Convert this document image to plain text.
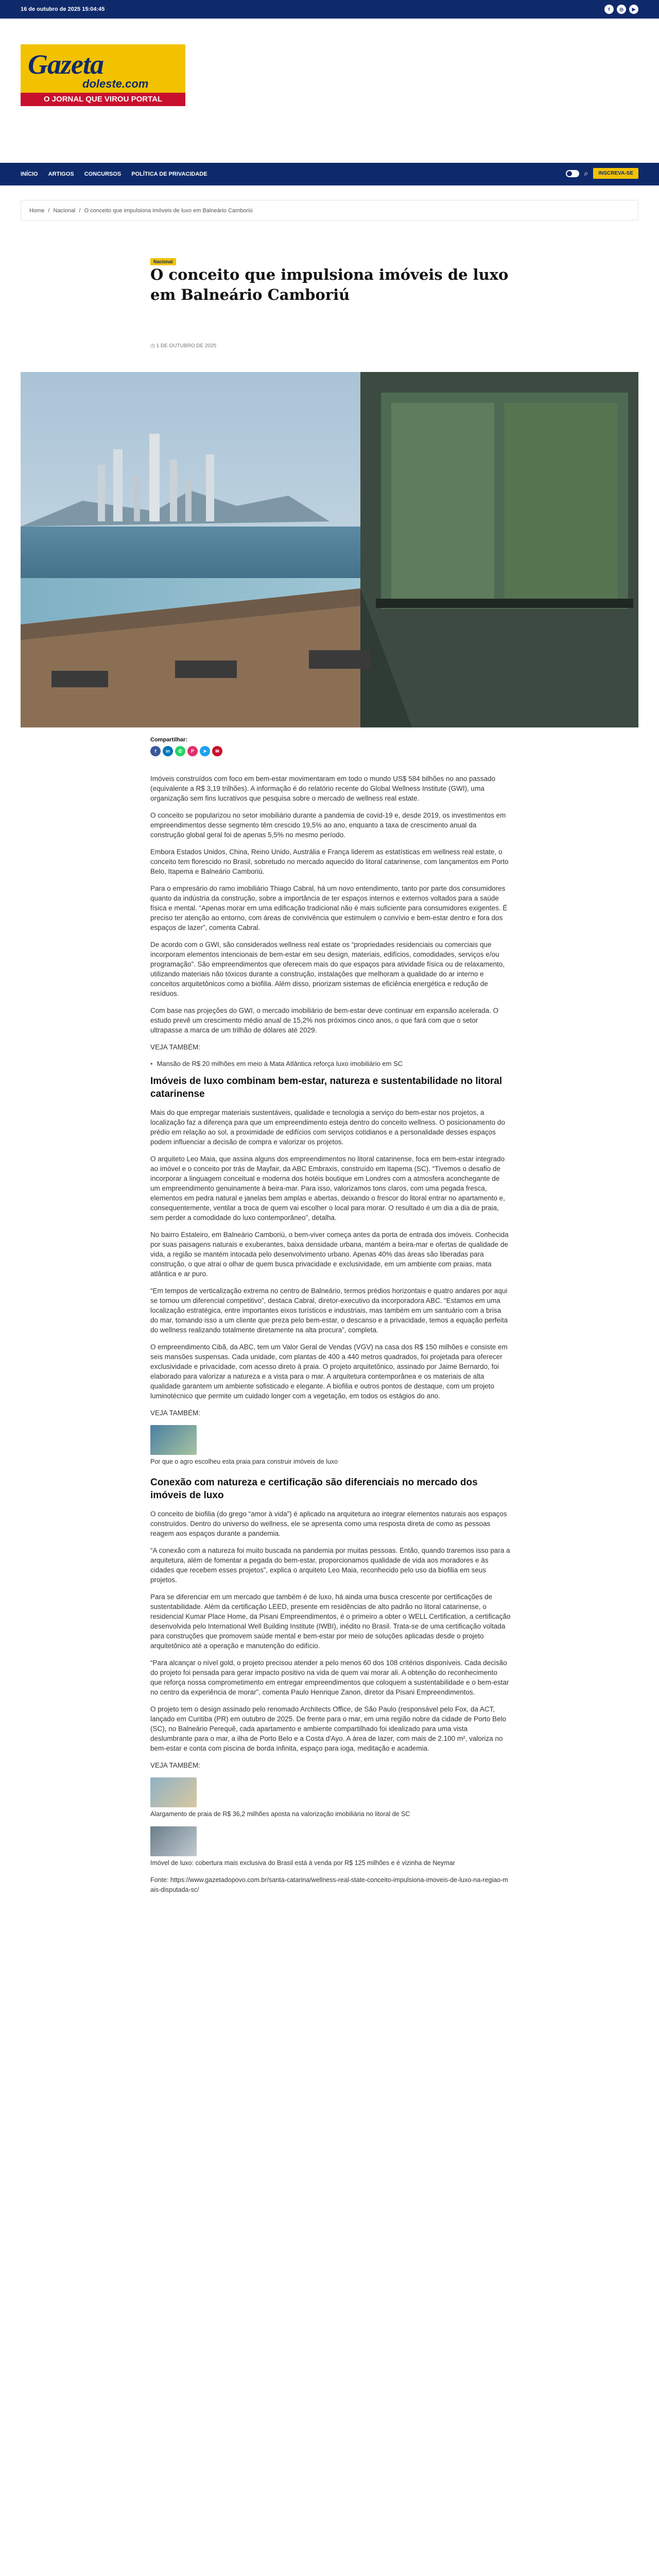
16 de outubro de 2025 15:04:45	f	◎	▶
Gazeta
doleste.com
O JORNAL QUE VIROU PORTAL
INÍCIO ARTIGOS CONCURSOS POLÍTICA DE PRIVACIDADE	⌕	INSCREVA-SE
Home / Nacional / O conceito que impulsiona imóveis de luxo em Balneário Camboriú
Nacional
O conceito que impulsiona imóveis de luxo em Balneário Camboriú
◷ 1 DE OUTUBRO DE 2025
Compartilhar:
f	in	✆	P	➤	✉

Imóveis construídos com foco em bem-estar movimentaram em todo o mundo US$ 584 bilhões no ano passado (equivalente a R$ 3,19 trilhões). A informação é do relatório recente do Global Wellness Institute (GWI), uma organização sem fins lucrativos que pesquisa sobre o mercado de wellness real estate.

O conceito se popularizou no setor imobiliário durante a pandemia de covid-19 e, desde 2019, os investimentos em empreendimentos desse segmento têm crescido 19,5% ao ano, enquanto a taxa de crescimento anual da construção global geral foi de apenas 5,5% no mesmo período.

Embora Estados Unidos, China, Reino Unido, Austrália e França liderem as estatísticas em wellness real estate, o conceito tem florescido no Brasil, sobretudo no mercado aquecido do litoral catarinense, com lançamentos em Porto Belo, Itapema e Balneário Camboriú.

Para o empresário do ramo imobiliário Thiago Cabral, há um novo entendimento, tanto por parte dos consumidores quanto da indústria da construção, sobre a importância de ter espaços internos e externos voltados para a saúde física e mental. “Apenas morar em uma edificação tradicional não é mais suficiente para consumidores exigentes. É preciso ter atenção ao entorno, com áreas de convivência que estimulem o convívio e bem-estar dentro e fora dos espaços de lazer”, comenta Cabral.

De acordo com o GWI, são considerados wellness real estate os “propriedades residenciais ou comerciais que incorporam elementos intencionais de bem-estar em seu design, materiais, edifícios, comodidades, serviços e/ou programação”. São empreendimentos que oferecem mais do que espaços para atividade física ou de relaxamento, utilizando materiais não tóxicos durante a construção, instalações que melhoram a qualidade do ar interno e conceitos arquitetônicos como a biofilia. Além disso, priorizam sistemas de eficiência energética e redução de resíduos.

Com base nas projeções do GWI, o mercado imobiliário de bem-estar deve continuar em expansão acelerada. O estudo prevê um crescimento médio anual de 15,2% nos próximos cinco anos, o que fará com que o setor ultrapasse a marca de um trilhão de dólares até 2029.

VEJA TAMBÉM:

• Mansão de R$ 20 milhões em meio à Mata Atlântica reforça luxo imobiliário em SC
Imóveis de luxo combinam bem-estar, natureza e sustentabilidade no litoral catarinense

Mais do que empregar materiais sustentáveis, qualidade e tecnologia a serviço do bem-estar nos projetos, a localização faz a diferença para que um empreendimento esteja dentro do conceito wellness. O posicionamento do prédio em relação ao sol, a proximidade de edifícios com serviços cotidianos e a personalidade desses espaços podem influenciar a decisão de compra e valorizar os projetos.

O arquiteto Leo Maia, que assina alguns dos empreendimentos no litoral catarinense, foca em bem-estar integrado ao imóvel e o conceito por trás de Mayfair, da ABC Embraxis, construído em Itapema (SC). “Tivemos o desafio de incorporar a linguagem conceitual e moderna dos hotéis boutique em Londres com a atmosfera aconchegante de um empreendimento genuinamente à beira-mar. Para isso, valorizamos tons claros, com uma pegada fresca, elementos em pedra natural e janelas bem amplas e abertas, deixando o frescor do litoral entrar no apartamento e, consequentemente, ventilar a troca de quem vai escolher o local para morar. O resultado é um dia a dia de praia, sem perder a comodidade do luxo contemporâneo”, detalha.

No bairro Estaleiro, em Balneário Camboriú, o bem-viver começa antes da porta de entrada dos imóveis. Conhecida por suas paisagens naturais e exuberantes, baixa densidade urbana, mantém a beira-mar e ofertas de qualidade de vida, a região se mantém intocada pelo desenvolvimento urbano. Apenas 40% das áreas são liberadas para construção, o que atrai o olhar de quem busca privacidade e exclusividade, em um ambiente com praias, mata atlântica e ar puro.

“Em tempos de verticalização extrema no centro de Balneário, termos prédios horizontais e quatro andares por aqui se tornou um diferencial competitivo”, destaca Cabral, diretor-executivo da incorporadora ABC. “Estamos em uma localização estratégica, entre importantes eixos turísticos e industriais, mas também em um santuário com a brisa do mar, tomando isso a um cliente que preza pelo bem-estar, o descanso e a privacidade, temos a equação perfeita do wellness realizando totalmente diretamente na alta procura”, completa.

O empreendimento Cibã, da ABC, tem um Valor Geral de Vendas (VGV) na casa dos R$ 150 milhões e consiste em seis mansões suspensas. Cada unidade, com plantas de 400 a 440 metros quadrados, foi projetada para oferecer exclusividade e privacidade, com acesso direto à praia. O projeto arquitetônico, assinado por Jaime Bernardo, foi elaborado para valorizar a natureza e a vista para o mar. A arquitetura contemporânea e os materiais de alta qualidade garantem um ambiente sofisticado e elegante. A biofilia e outros pontos de destaque, com um projeto luminotécnico que permite um cuidado longer com a vegetação, em todos os estágios do ano.

VEJA TAMBÉM:

Por que o agro escolheu esta praia para construir imóveis de luxo

Conexão com natureza e certificação são diferenciais no mercado dos imóveis de luxo

O conceito de biofilia (do grego “amor à vida”) é aplicado na arquitetura ao integrar elementos naturais aos espaços construídos. Dentro do universo do wellness, ele se apresenta como uma resposta direta de como as pessoas reagem aos espaços durante a pandemia.

“A conexão com a natureza foi muito buscada na pandemia por muitas pessoas. Então, quando traremos isso para a arquitetura, além de fomentar a pegada do bem-estar, proporcionamos qualidade de vida aos moradores e às cidades que recebem esses projetos”, explica o arquiteto Leo Maia, reconhecido pelo uso da biofilia em seus projetos.

Para se diferenciar em um mercado que também é de luxo, há ainda uma busca crescente por certificações de sustentabilidade. Além da certificação LEED, presente em residências de alto padrão no litoral catarinense, o residencial Kumar Place Home, da Pisani Empreendimentos, é o primeiro a obter o WELL Certification, a certificação desenvolvida pelo International Well Building Institute (IWBI), inédito no Brasil. Trata-se de uma certificação voltada para construções que promovem saúde mental e bem-estar por meio de soluções aplicadas desde o projeto arquitetônico até a operação e manutenção do edifício.

“Para alcançar o nível gold, o projeto precisou atender a pelo menos 60 dos 108 critérios disponíveis. Cada decisão do projeto foi pensada para gerar impacto positivo na vida de quem vai morar ali. A obtenção do reconhecimento que reforça nossa comprometimento em entregar empreendimentos que coloquem a sustentabilidade e o bem-estar no centro da experiência de morar”, comenta Paulo Henrique Zanon, diretor da Pisani Empreendimentos.

O projeto tem o design assinado pelo renomado Architects Office, de São Paulo (responsável pelo Fox, da ACT, lançado em Curitiba (PR) em outubro de 2025. De frente para o mar, em uma região nobre da cidade de Porto Belo (SC), no Balneário Perequê, cada apartamento e ambiente compartilhado foi idealizado para uma vista deslumbrante para o mar, a ilha de Porto Belo e a Costa d'Ayo. A área de lazer, com mais de 2.100 m², valoriza no bem-estar e conta com piscina de borda infinita, espaço para ioga, meditação e academia.

VEJA TAMBÉM:

Alargamento de praia de R$ 36,2 milhões aposta na valorização imobiliária no litoral de SC

Imóvel de luxo: cobertura mais exclusiva do Brasil está à venda por R$ 125 milhões e é vizinha de Neymar

Fonte: https://www.gazetadopovo.com.br/santa-catarina/wellness-real-state-conceito-impulsiona-imoveis-de-luxo-na-regiao-mais-disputada-sc/
